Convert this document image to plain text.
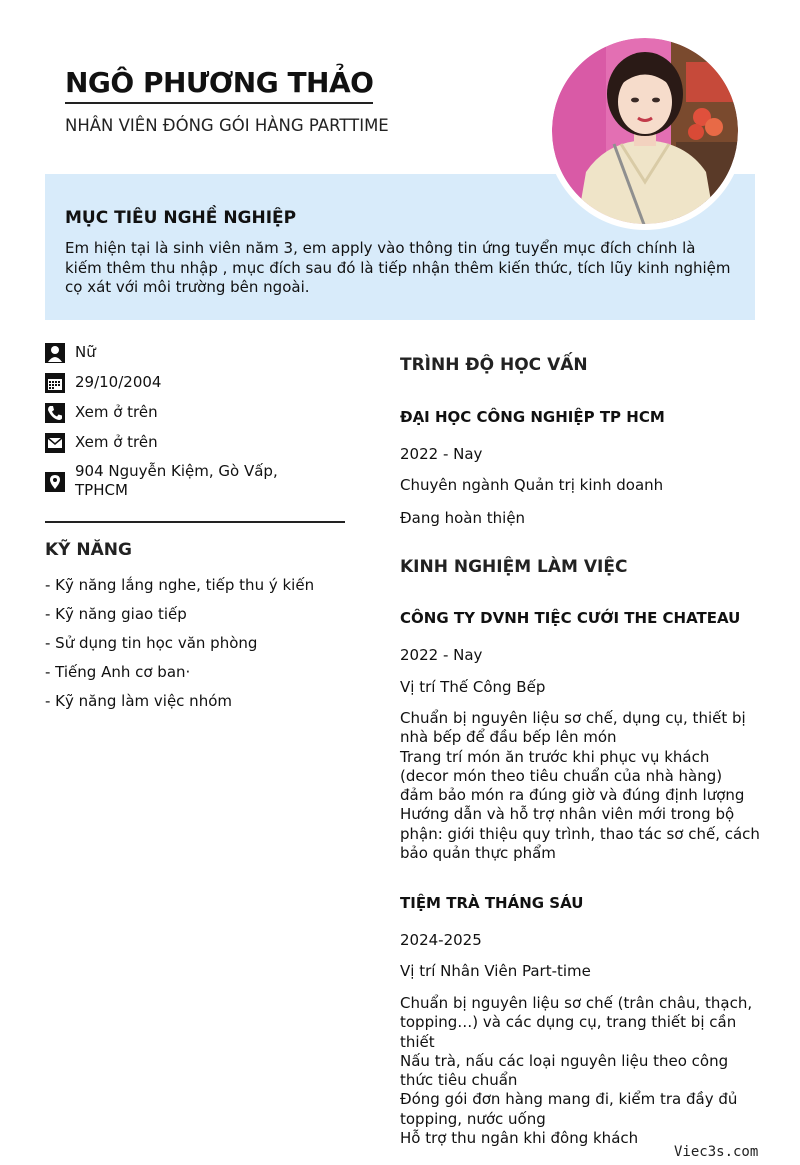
NGÔ PHƯƠNG THẢO
NHÂN VIÊN ĐÓNG GÓI HÀNG PARTTIME
MỤC TIÊU NGHỀ NGHIỆP
Em hiện tại là sinh viên năm 3, em apply vào thông tin ứng tuyển mục đích chính là kiếm thêm thu nhập , mục đích sau đó là tiếp nhận thêm kiến thức, tích lũy kinh nghiệm cọ xát với môi trường bên ngoài.
Nữ
29/10/2004
Xem ở trên
Xem ở trên
904 Nguyễn Kiệm, Gò Vấp, TPHCM
KỸ NĂNG
- Kỹ năng lắng nghe, tiếp thu ý kiến
- Kỹ năng giao tiếp
- Sử dụng tin học văn phòng
- Tiếng Anh cơ ban·
- Kỹ năng làm việc nhóm
TRÌNH ĐỘ HỌC VẤN
ĐẠI HỌC CÔNG NGHIỆP TP HCM
2022 - Nay
Chuyên ngành Quản trị kinh doanh
Đang hoàn thiện
KINH NGHIỆM LÀM VIỆC
CÔNG TY DVNH TIỆC CƯỚI THE CHATEAU
2022 - Nay
Vị trí Thế Công Bếp
Chuẩn bị nguyên liệu sơ chế, dụng cụ, thiết bị nhà bếp để đầu bếp lên món
Trang trí món ăn trước khi phục vụ khách (decor món theo tiêu chuẩn của nhà hàng) đảm bảo món ra đúng giờ và đúng định lượng
Hướng dẫn và hỗ trợ nhân viên mới trong bộ phận: giới thiệu quy trình, thao tác sơ chế, cách bảo quản thực phẩm
TIỆM TRÀ THÁNG SÁU
2024-2025
Vị trí Nhân Viên Part-time
Chuẩn bị nguyên liệu sơ chế (trân châu, thạch, topping…) và các dụng cụ, trang thiết bị cần thiết
Nấu trà, nấu các loại nguyên liệu theo công thức tiêu chuẩn
Đóng gói đơn hàng mang đi, kiểm tra đầy đủ topping, nước uống
Hỗ trợ thu ngân khi đông khách
Viec3s.com
